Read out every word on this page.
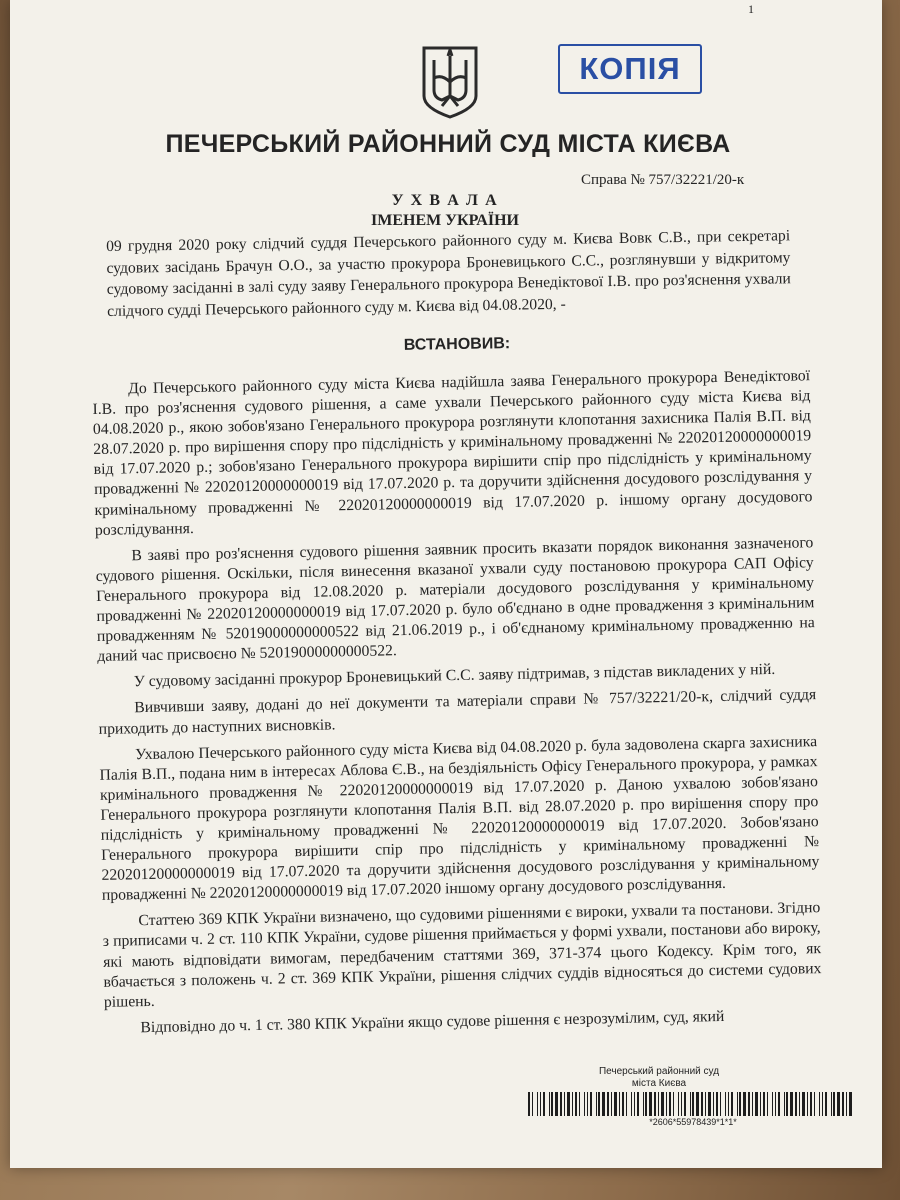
1
КОПІЯ
ПЕЧЕРСЬКИЙ РАЙОННИЙ СУД МІСТА КИЄВА
Справа № 757/32221/20-к
У Х В А Л А
ІМЕНЕМ УКРАЇНИ
09 грудня 2020 року слідчий суддя Печерського районного суду м. Києва Вовк С.В., при секретарі судових засідань Брачун О.О., за участю прокурора Броневицького С.С., розглянувши у відкритому судовому засіданні в залі суду заяву Генерального прокурора Венедіктової І.В. про роз'яснення ухвали слідчого судді Печерського районного суду м. Києва від 04.08.2020, -
ВСТАНОВИВ:

До Печерського районного суду міста Києва надійшла заява Генерального прокурора Венедіктової І.В. про роз'яснення судового рішення, а саме ухвали Печерського районного суду міста Києва від 04.08.2020 р., якою зобов'язано Генерального прокурора розглянути клопотання захисника Палія В.П. від 28.07.2020 р. про вирішення спору про підслідність у кримінальному провадженні № 22020120000000019 від 17.07.2020 р.; зобов'язано Генерального прокурора вирішити спір про підслідність у кримінальному провадженні № 22020120000000019 від 17.07.2020 р. та доручити здійснення досудового розслідування у кримінальному провадженні № 22020120000000019 від 17.07.2020 р. іншому органу досудового розслідування.

В заяві про роз'яснення судового рішення заявник просить вказати порядок виконання зазначеного судового рішення. Оскільки, після винесення вказаної ухвали суду постановою прокурора САП Офісу Генерального прокурора від 12.08.2020 р. матеріали досудового розслідування у кримінальному провадженні № 22020120000000019 від 17.07.2020 р. було об'єднано в одне провадження з кримінальним провадженням № 52019000000000522 від 21.06.2019 р., і об'єднаному кримінальному провадженню на даний час присвоєно № 52019000000000522.

У судовому засіданні прокурор Броневицький С.С. заяву підтримав, з підстав викладених у ній.

Вивчивши заяву, додані до неї документи та матеріали справи № 757/32221/20-к, слідчий суддя приходить до наступних висновків.

Ухвалою Печерського районного суду міста Києва від 04.08.2020 р. була задоволена скарга захисника Палія В.П., подана ним в інтересах Аблова Є.В., на бездіяльність Офісу Генерального прокурора, у рамках кримінального провадження № 22020120000000019 від 17.07.2020 р. Даною ухвалою зобов'язано Генерального прокурора розглянути клопотання Палія В.П. від 28.07.2020 р. про вирішення спору про підслідність у кримінальному провадженні № 22020120000000019 від 17.07.2020. Зобов'язано Генерального прокурора вирішити спір про підслідність у кримінальному провадженні № 22020120000000019 від 17.07.2020 та доручити здійснення досудового розслідування у кримінальному провадженні № 22020120000000019 від 17.07.2020 іншому органу досудового розслідування.

Статтею 369 КПК України визначено, що судовими рішеннями є вироки, ухвали та постанови. Згідно з приписами ч. 2 ст. 110 КПК України, судове рішення приймається у формі ухвали, постанови або вироку, які мають відповідати вимогам, передбаченим статтями 369, 371-374 цього Кодексу. Крім того, як вбачається з положень ч. 2 ст. 369 КПК України, рішення слідчих суддів відносяться до системи судових рішень.

Відповідно до ч. 1 ст. 380 КПК України якщо судове рішення є незрозумілим, суд, який

Печерський районний суд
міста Києва
*2606*55978439*1*1*
